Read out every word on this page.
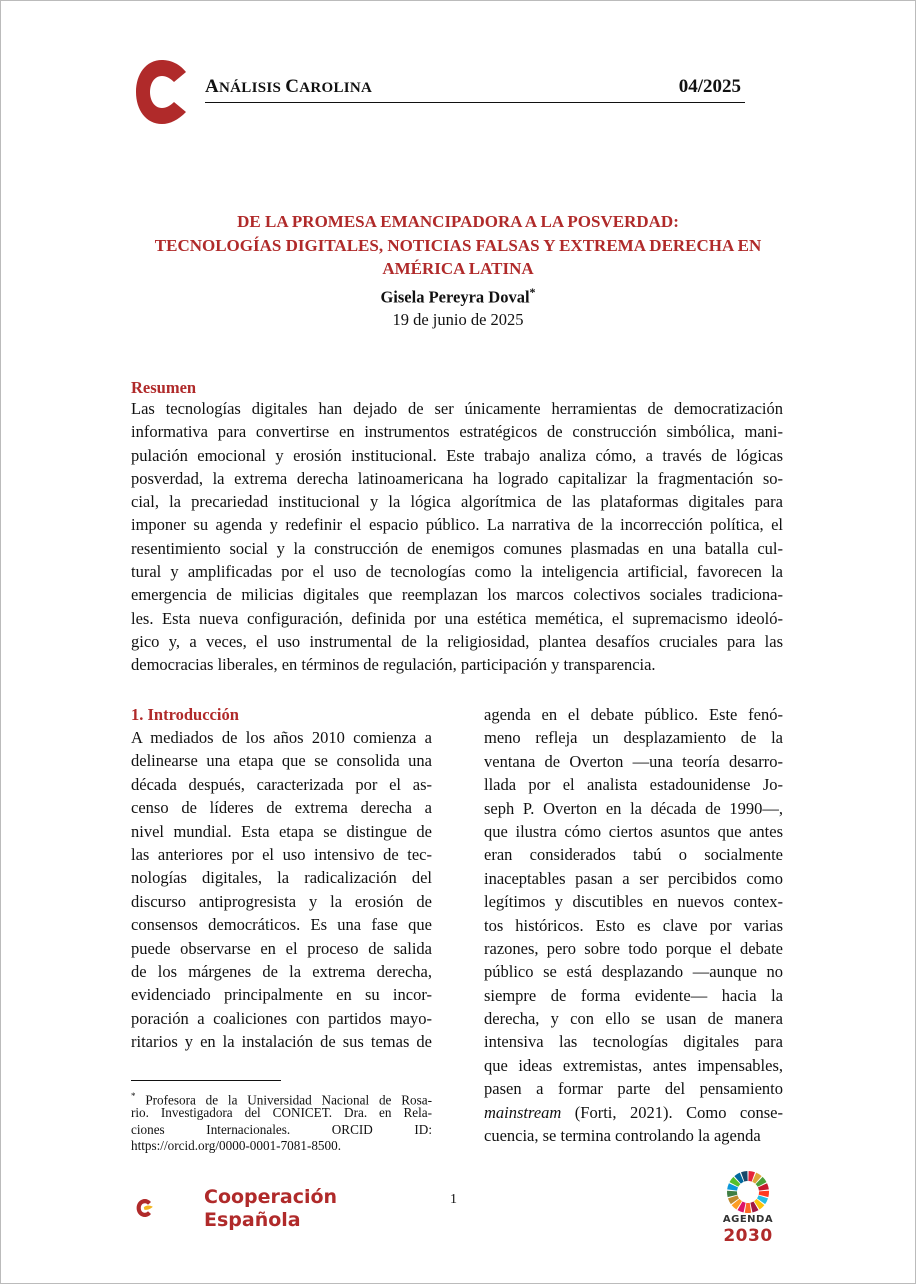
ANÁLISIS CAROLINA	04/2025
DE LA PROMESA EMANCIPADORA A LA POSVERDAD:
TECNOLOGÍAS DIGITALES, NOTICIAS FALSAS Y EXTREMA DERECHA EN
AMÉRICA LATINA
Gisela Pereyra Doval*
19 de junio de 2025
Resumen
Las tecnologías digitales han dejado de ser únicamente herramientas de democratización
informativa para convertirse en instrumentos estratégicos de construcción simbólica, mani-
pulación emocional y erosión institucional. Este trabajo analiza cómo, a través de lógicas
posverdad, la extrema derecha latinoamericana ha logrado capitalizar la fragmentación so-
cial, la precariedad institucional y la lógica algorítmica de las plataformas digitales para
imponer su agenda y redefinir el espacio público. La narrativa de la incorrección política, el
resentimiento social y la construcción de enemigos comunes plasmadas en una batalla cul-
tural y amplificadas por el uso de tecnologías como la inteligencia artificial, favorecen la
emergencia de milicias digitales que reemplazan los marcos colectivos sociales tradiciona-
les. Esta nueva configuración, definida por una estética memética, el supremacismo ideoló-
gico y, a veces, el uso instrumental de la religiosidad, plantea desafíos cruciales para las
democracias liberales, en términos de regulación, participación y transparencia.
1. Introducción
A mediados de los años 2010 comienza a
delinearse una etapa que se consolida una
década después, caracterizada por el as-
censo de líderes de extrema derecha a
nivel mundial. Esta etapa se distingue de
las anteriores por el uso intensivo de tec-
nologías digitales, la radicalización del
discurso antiprogresista y la erosión de
consensos democráticos. Es una fase que
puede observarse en el proceso de salida
de los márgenes de la extrema derecha,
evidenciado principalmente en su incor-
poración a coaliciones con partidos mayo-
ritarios y en la instalación de sus temas de
agenda en el debate público. Este fenó-
meno refleja un desplazamiento de la
ventana de Overton —una teoría desarro-
llada por el analista estadounidense Jo-
seph P. Overton en la década de 1990—,
que ilustra cómo ciertos asuntos que antes
eran considerados tabú o socialmente
inaceptables pasan a ser percibidos como
legítimos y discutibles en nuevos contex-
tos históricos. Esto es clave por varias
razones, pero sobre todo porque el debate
público se está desplazando —aunque no
siempre de forma evidente— hacia la
derecha, y con ello se usan de manera
intensiva las tecnologías digitales para
que ideas extremistas, antes impensables,
pasen a formar parte del pensamiento
mainstream (Forti, 2021). Como conse-
cuencia, se termina controlando la agenda
* Profesora de la Universidad Nacional de Rosa-
rio. Investigadora del CONICET. Dra. en Rela-
ciones Internacionales. ORCID ID:
https://orcid.org/0000-0001-7081-8500.
1
Cooperación
Española	AGENDA
2030
